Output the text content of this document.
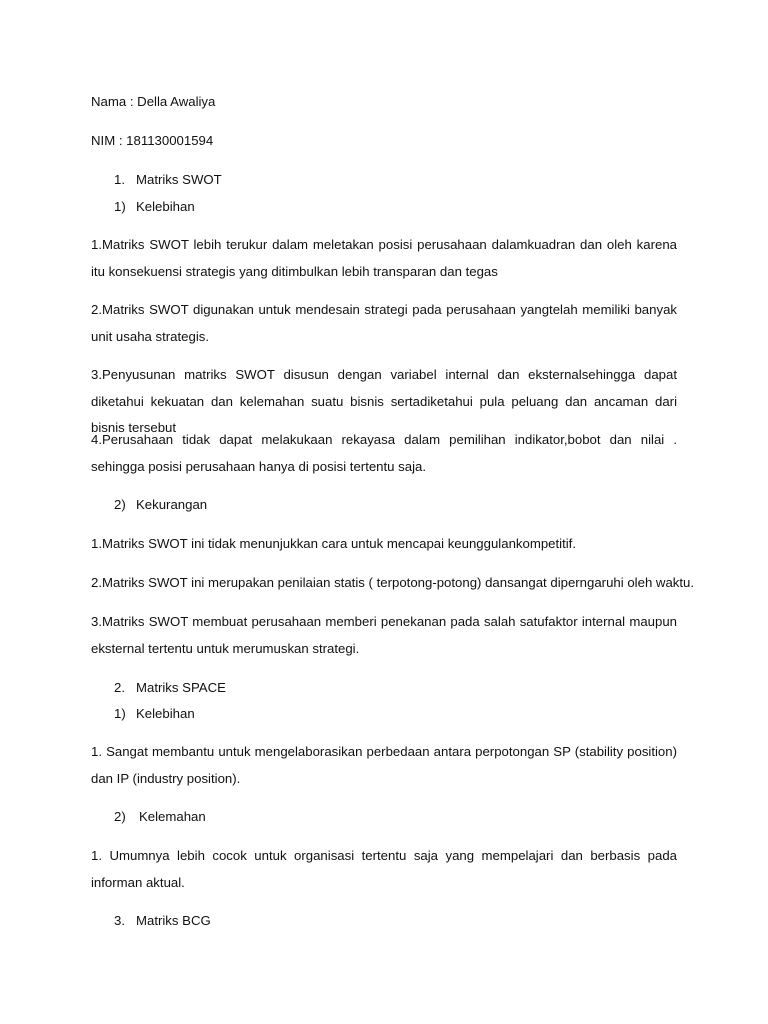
Nama : Della Awaliya
NIM : 181130001594
1. Matriks SWOT
1) Kelebihan
1.Matriks SWOT lebih terukur dalam meletakan posisi perusahaan dalamkuadran dan oleh karena itu konsekuensi strategis yang ditimbulkan lebih transparan dan tegas
2.Matriks SWOT digunakan untuk mendesain strategi pada perusahaan yangtelah memiliki banyak unit usaha strategis.
3.Penyusunan matriks SWOT disusun dengan variabel internal dan eksternalsehingga dapat diketahui kekuatan dan kelemahan suatu bisnis sertadiketahui pula peluang dan ancaman dari bisnis tersebut
4.Perusahaan tidak dapat melakukaan rekayasa dalam pemilihan indikator,bobot dan nilai . sehingga posisi perusahaan hanya di posisi tertentu saja.
2) Kekurangan
1.Matriks SWOT ini tidak menunjukkan cara untuk mencapai keunggulankompetitif.
2.Matriks SWOT ini merupakan penilaian statis ( terpotong-potong) dansangat diperngaruhi oleh waktu.
3.Matriks SWOT membuat perusahaan memberi penekanan pada salah satufaktor internal maupun eksternal tertentu untuk merumuskan strategi.
2. Matriks SPACE
1) Kelebihan
1. Sangat membantu untuk mengelaborasikan perbedaan antara perpotongan SP (stability position) dan IP (industry position).
2) Kelemahan
1. Umumnya lebih cocok untuk organisasi tertentu saja yang mempelajari dan berbasis pada informan aktual.
3. Matriks BCG
